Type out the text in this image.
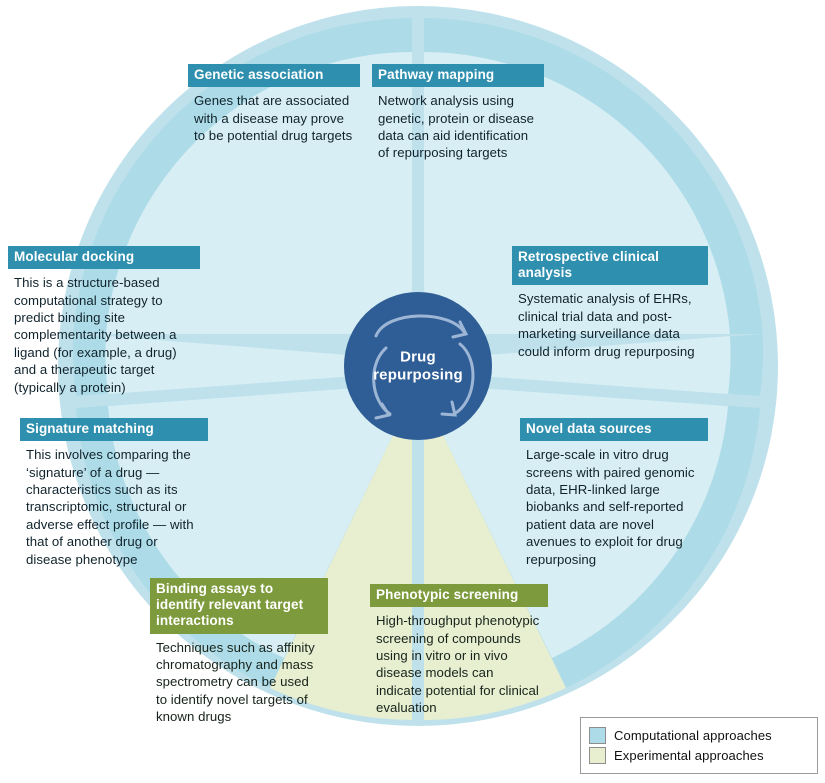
Drug
repurposing
Genetic association
Genes that are associated with a disease may prove to be potential drug targets
Pathway mapping
Network analysis using genetic, protein or disease data can aid identification of repurposing targets
Molecular docking
This is a structure-based computational strategy to predict binding site complementarity between a ligand (for example, a drug) and a therapeutic target (typically a protein)
Retrospective clinical analysis
Systematic analysis of EHRs, clinical trial data and post-marketing surveillance data could inform drug repurposing
Signature matching
This involves comparing the ‘signature’ of a drug — characteristics such as its transcriptomic, structural or adverse effect profile — with that of another drug or disease phenotype
Novel data sources
Large-scale in vitro drug screens with paired genomic data, EHR-linked large biobanks and self-reported patient data are novel avenues to exploit for drug repurposing
Binding assays to identify relevant target interactions
Techniques such as affinity chromatography and mass spectrometry can be used to identify novel targets of known drugs
Phenotypic screening
High-throughput phenotypic screening of compounds using in vitro or in vivo disease models can indicate potential for clinical evaluation
Computational approaches
Experimental approaches
